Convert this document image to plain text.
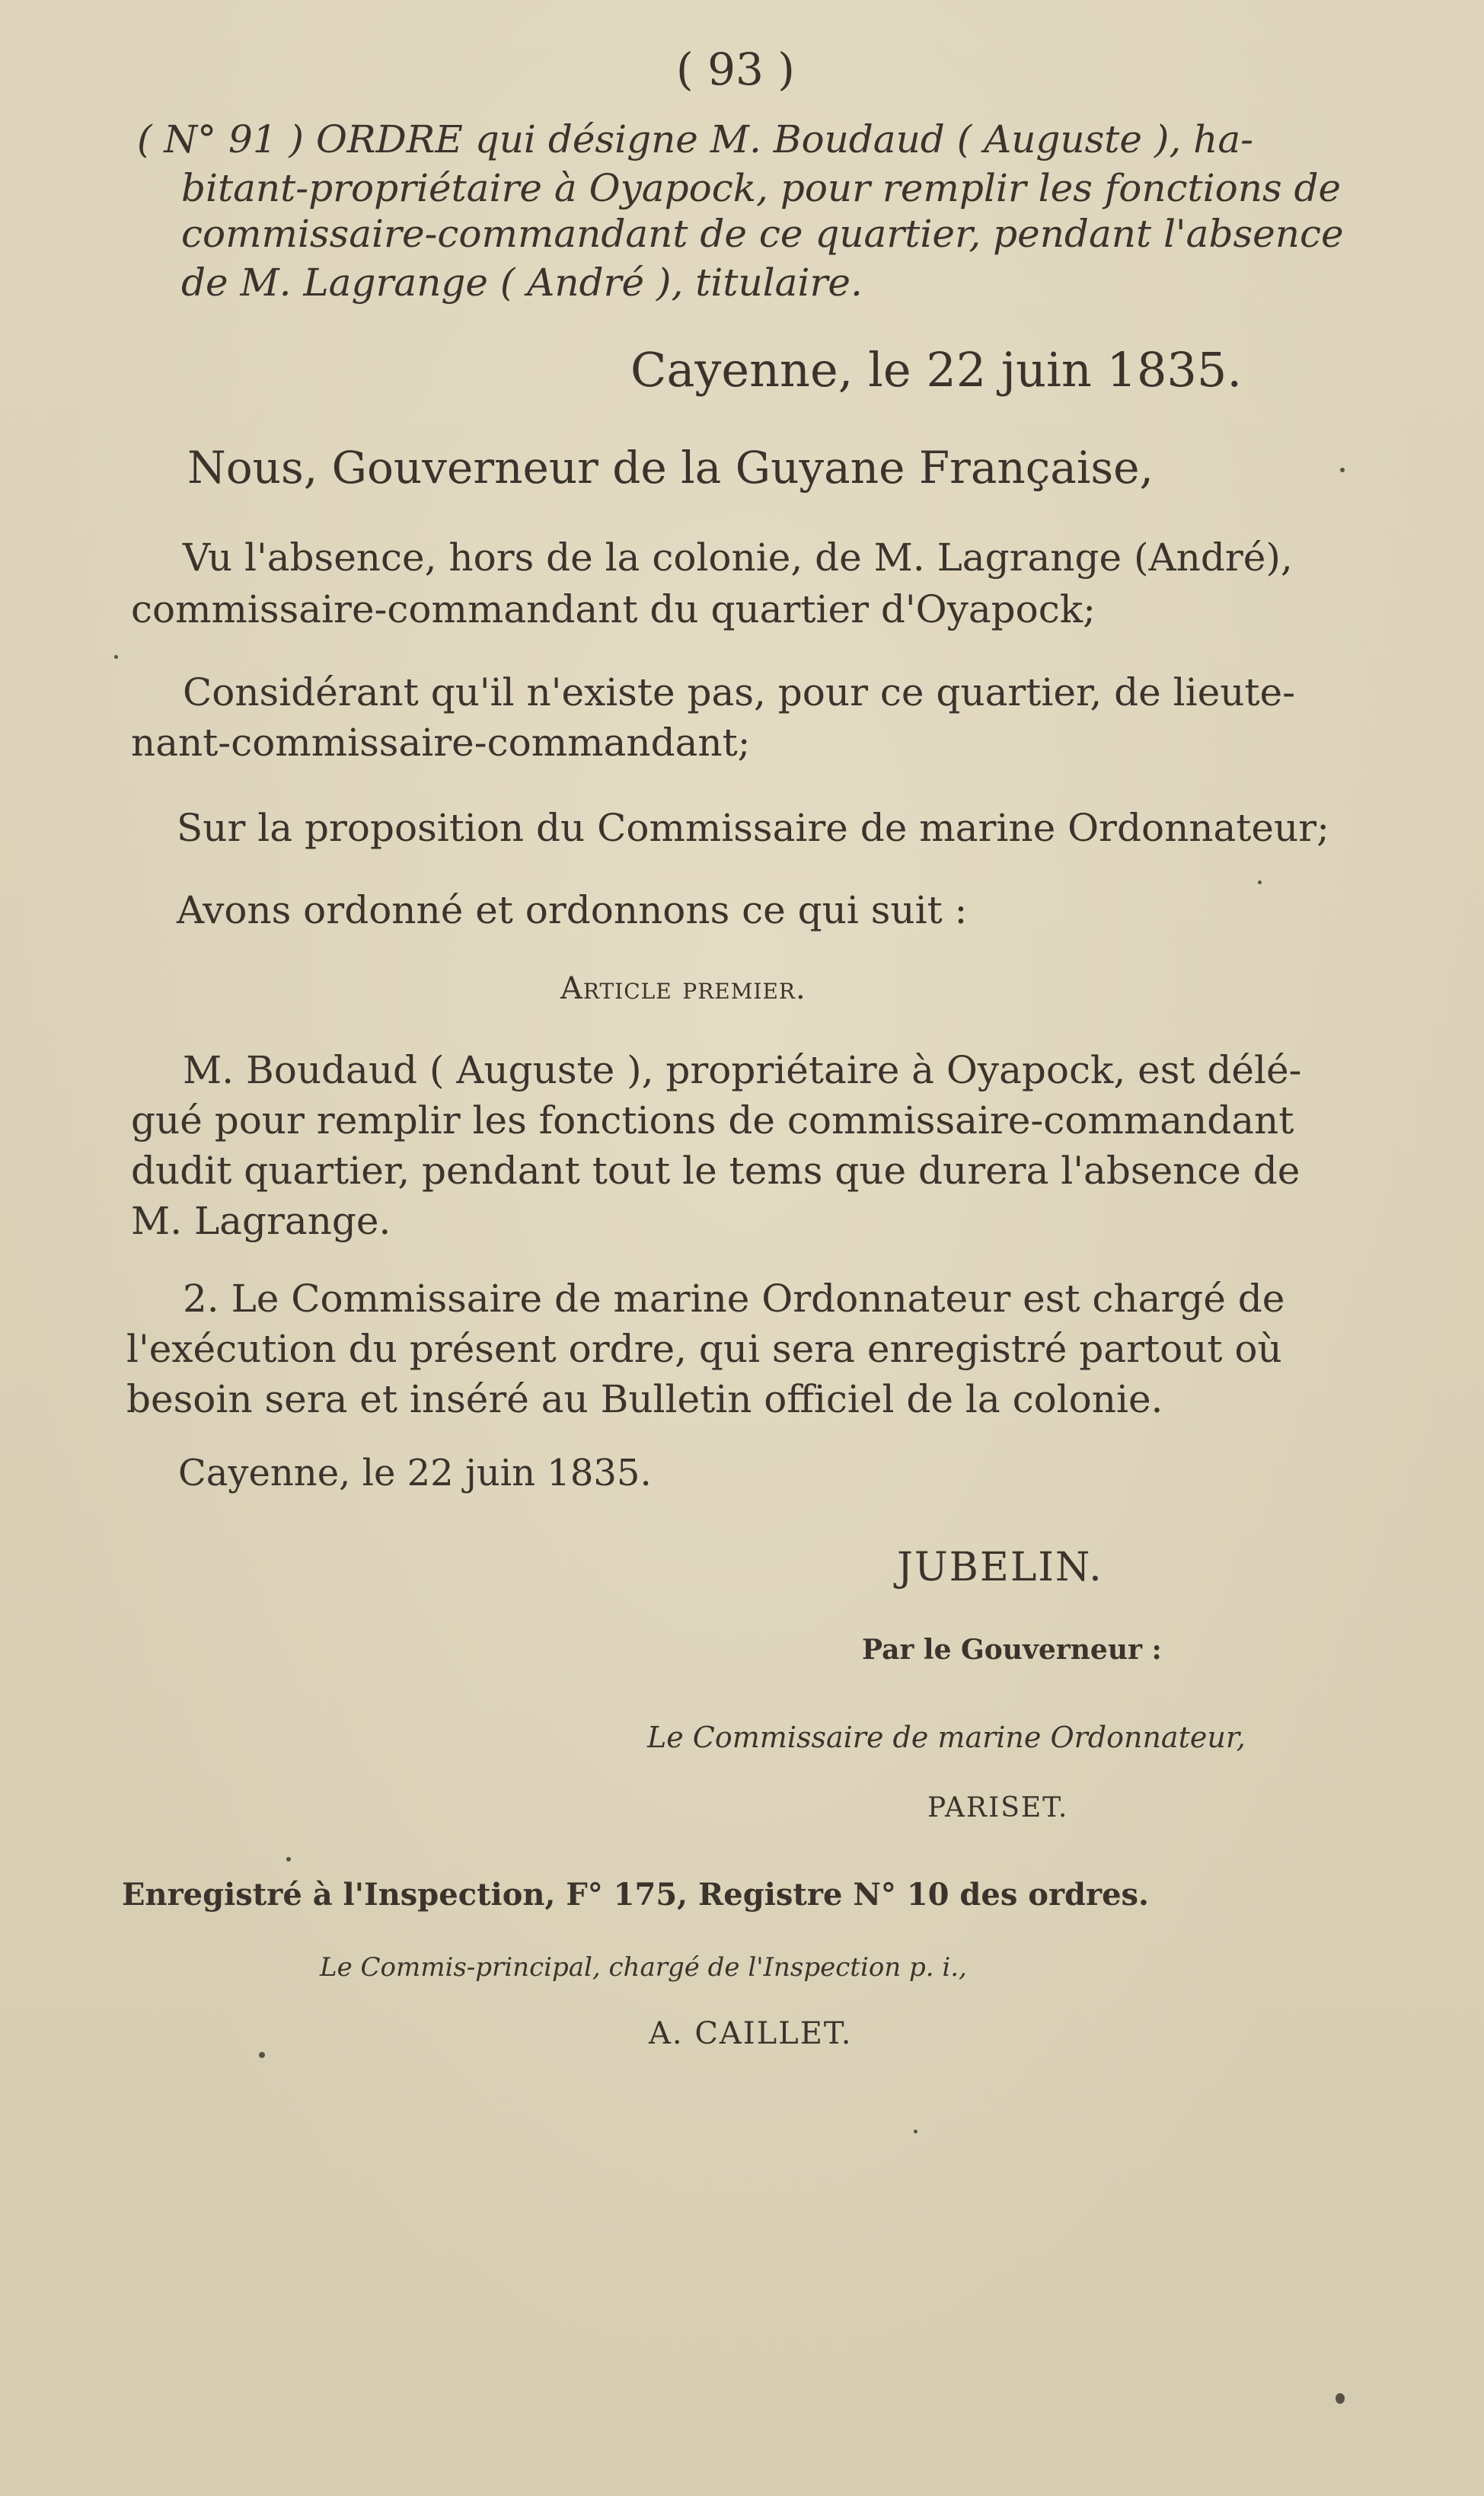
( 93 )
( N° 91 ) ORDRE qui désigne M. Boudaud ( Auguste ), ha-
bitant-propriétaire à Oyapock, pour remplir les fonctions de
commissaire-commandant de ce quartier, pendant l'absence
de M. Lagrange ( André ), titulaire.
Cayenne, le 22 juin 1835.
Nous, Gouverneur de la Guyane Française,
Vu l'absence, hors de la colonie, de M. Lagrange (André),
commissaire-commandant du quartier d'Oyapock;
Considérant qu'il n'existe pas, pour ce quartier, de lieute-
nant-commissaire-commandant;
Sur la proposition du Commissaire de marine Ordonnateur;
Avons ordonné et ordonnons ce qui suit :
Article premier.
M. Boudaud ( Auguste ), propriétaire à Oyapock, est délé-
gué pour remplir les fonctions de commissaire-commandant
dudit quartier, pendant tout le tems que durera l'absence de
M. Lagrange.
2. Le Commissaire de marine Ordonnateur est chargé de
l'exécution du présent ordre, qui sera enregistré partout où
besoin sera et inséré au Bulletin officiel de la colonie.
Cayenne, le 22 juin 1835.
JUBELIN.
Par le Gouverneur :
Le Commissaire de marine Ordonnateur,
PARISET.
Enregistré à l'Inspection, F° 175, Registre N° 10 des ordres.
Le Commis-principal, chargé de l'Inspection p. i.,
A. CAILLET.
